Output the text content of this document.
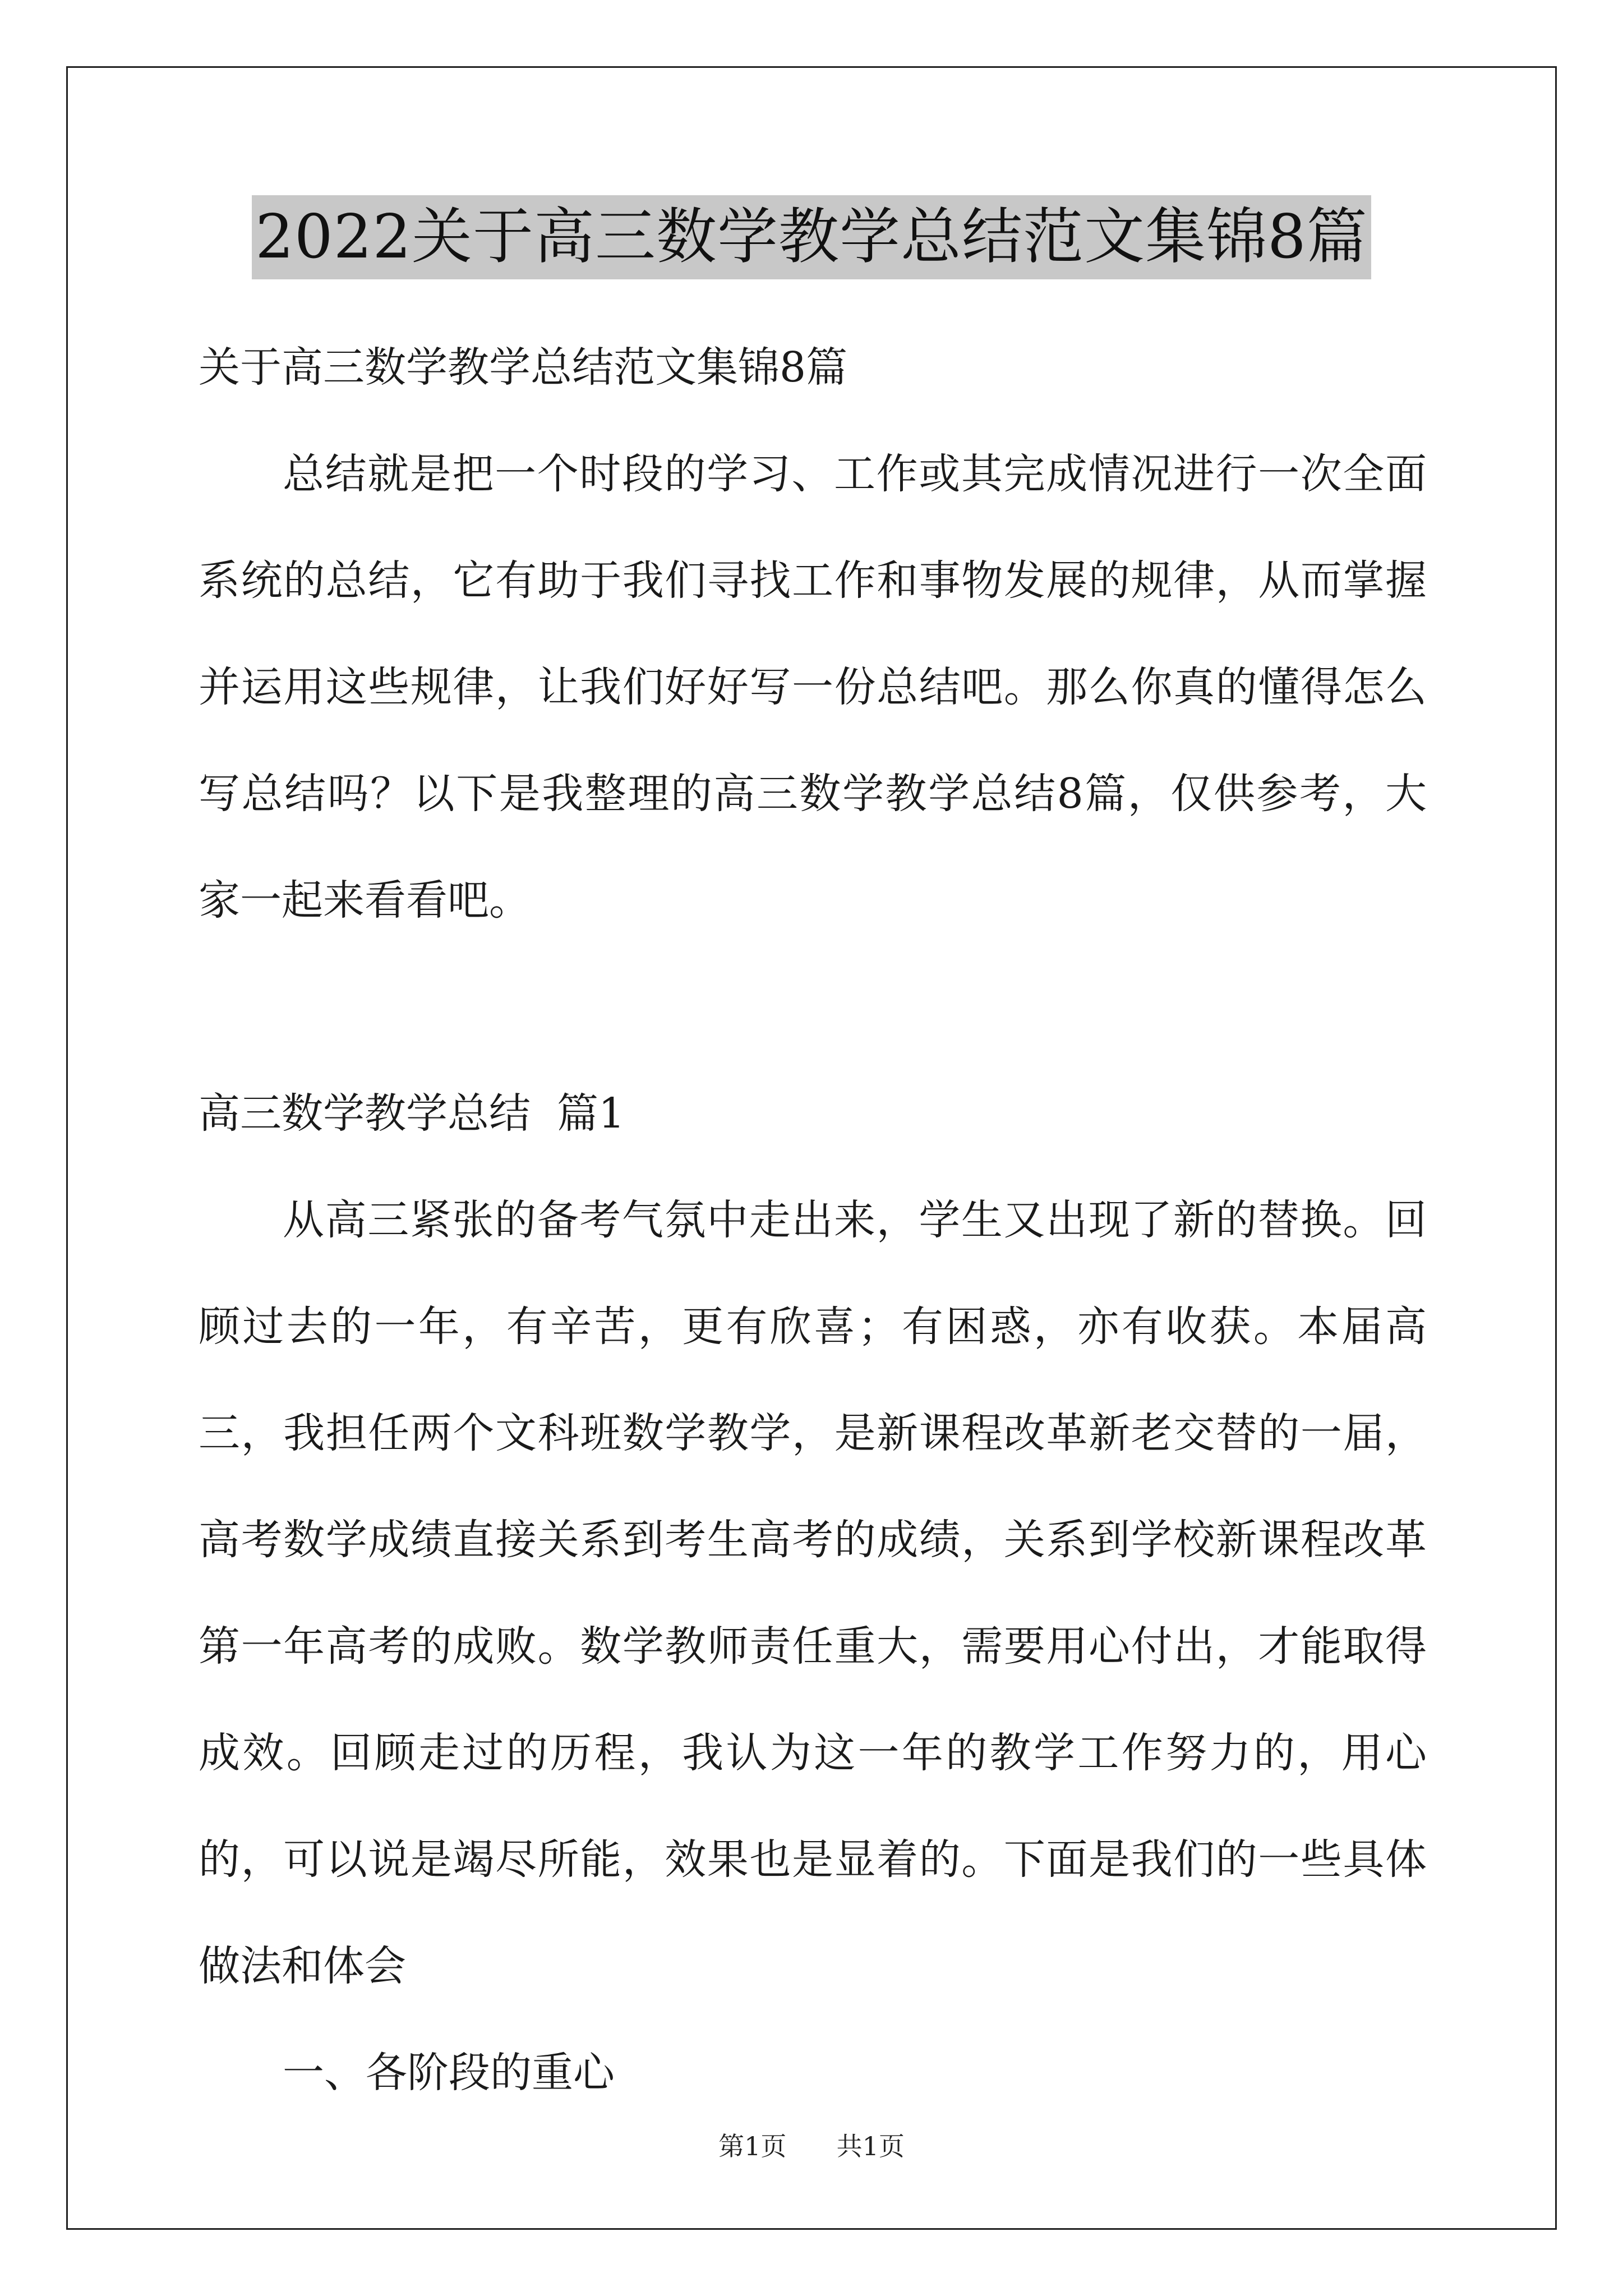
2022关于高三数学教学总结范文集锦8篇

关于高三数学教学总结范文集锦8篇

总结就是把一个时段的学习、工作或其完成情况进行一次全面系统的总结，它有助于我们寻找工作和事物发展的规律，从而掌握并运用这些规律，让我们好好写一份总结吧。那么你真的懂得怎么写总结吗？以下是我整理的高三数学教学总结8篇，仅供参考，大家一起来看看吧。

高三数学教学总结  篇1

从高三紧张的备考气氛中走出来，学生又出现了新的替换。回顾过去的一年，有辛苦，更有欣喜；有困惑，亦有收获。本届高三，我担任两个文科班数学教学，是新课程改革新老交替的一届，高考数学成绩直接关系到考生高考的成绩，关系到学校新课程改革第一年高考的成败。数学教师责任重大，需要用心付出，才能取得成效。回顾走过的历程，我认为这一年的教学工作努力的，用心的，可以说是竭尽所能，效果也是显着的。下面是我们的一些具体做法和体会

一、各阶段的重心

第1页  共1页
